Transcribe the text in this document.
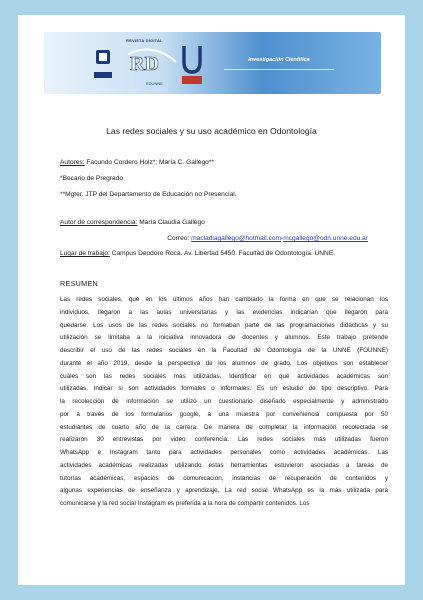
RD
REVISTA DIGITAL
EDUNNE
Investigación Científica
Las redes sociales y su uso académico en Odontología
Autores: Facundo Cordero Holz*; María C. Gallego**
*Becario de Pregrado
**Mgter. JTP del Departamento de Educación no Presencial.
Autor de correspondencia: María Claudia Gallego
Correo: macladiagallego@hotmail.com-mcgallego@odn.unne.edu.ar
Lugar de trabajo: Campus Deodoro Roca. Av. Libertad 5450. Facultad de Odontología. UNNE.
RESUMEN
Las redes sociales, que en los últimos años han cambiado la forma en que se relacionan los
individuos, llegaron a las aulas universitarias y las evidencias indicarían que llegaron para
quedarse. Los usos de las redes sociales no formaban parte de las programaciones didácticas y su
utilización se limitaba a la iniciativa innovadora de docentes y alumnos. Este trabajo pretende
describir el uso de las redes sociales en la Facultad de Odontología de la UNNE (FOUNNE)
durante el año 2019, desde la perspectiva de los alumnos de grado. Los objetivos son establecer
cuáles son las redes sociales más utilizadas. Identificar en qué actividades académicas son
utilizadas. Indicar si son actividades formales o informales. Es un estudio de tipo descriptivo. Para
la recolección de información se utilizó un cuestionario diseñado especialmente y administrado
por a través de los formularios google, a una muestra por conveniencia compuesta por 50
estudiantes de cuarto año de la carrera. De manera de completar la información recolectada se
realizaron 30 entrevistas por video conferencia. Las redes sociales más utilizadas fueron
WhatsApp e Instagram tanto para actividades personales como actividades académicas. Las
actividades académicas realizadas utilizando estas herramientas estuvieron asociadas a tareas de
tutorías académicas, espacios de comunicación, instancias de recuperación de contenidos y
algunas experiencias de enseñanza y aprendizaje. La red social WhatsApp es la más utilizada para
comunicarse y la red social Instagram es preferida a la hora de compartir contenidos. Los
